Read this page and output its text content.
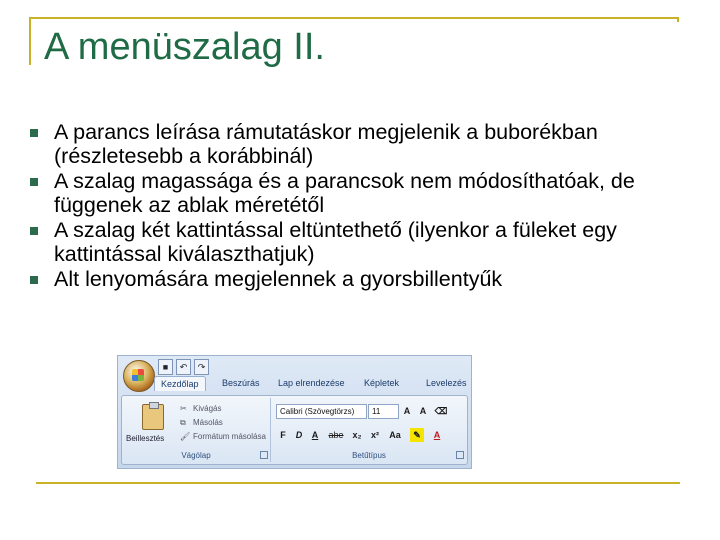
A menüszalag II.
A parancs leírása rámutatáskor megjelenik a buborékban (részletesebb a korábbinál)
A szalag magassága és a parancsok nem módosíthatóak, de függenek az ablak méretétől
A szalag két kattintással eltüntethető (ilyenkor a füleket egy kattintással kiválaszthatjuk)
Alt lenyomására megjelennek a gyorsbillentyűk
■	↶	↷
Kezdőlap	Beszúrás Lap elrendezése Képletek	Levelezés
Beillesztés
✂ Kivágás
⧉ Másolás
🖌 Formátum másolása
Vágólap
Calibri (Szövegtörzs)	11	A	A ⌫
F	D	A	abe x₂	x²	Aa	✎	A
Betűtípus
